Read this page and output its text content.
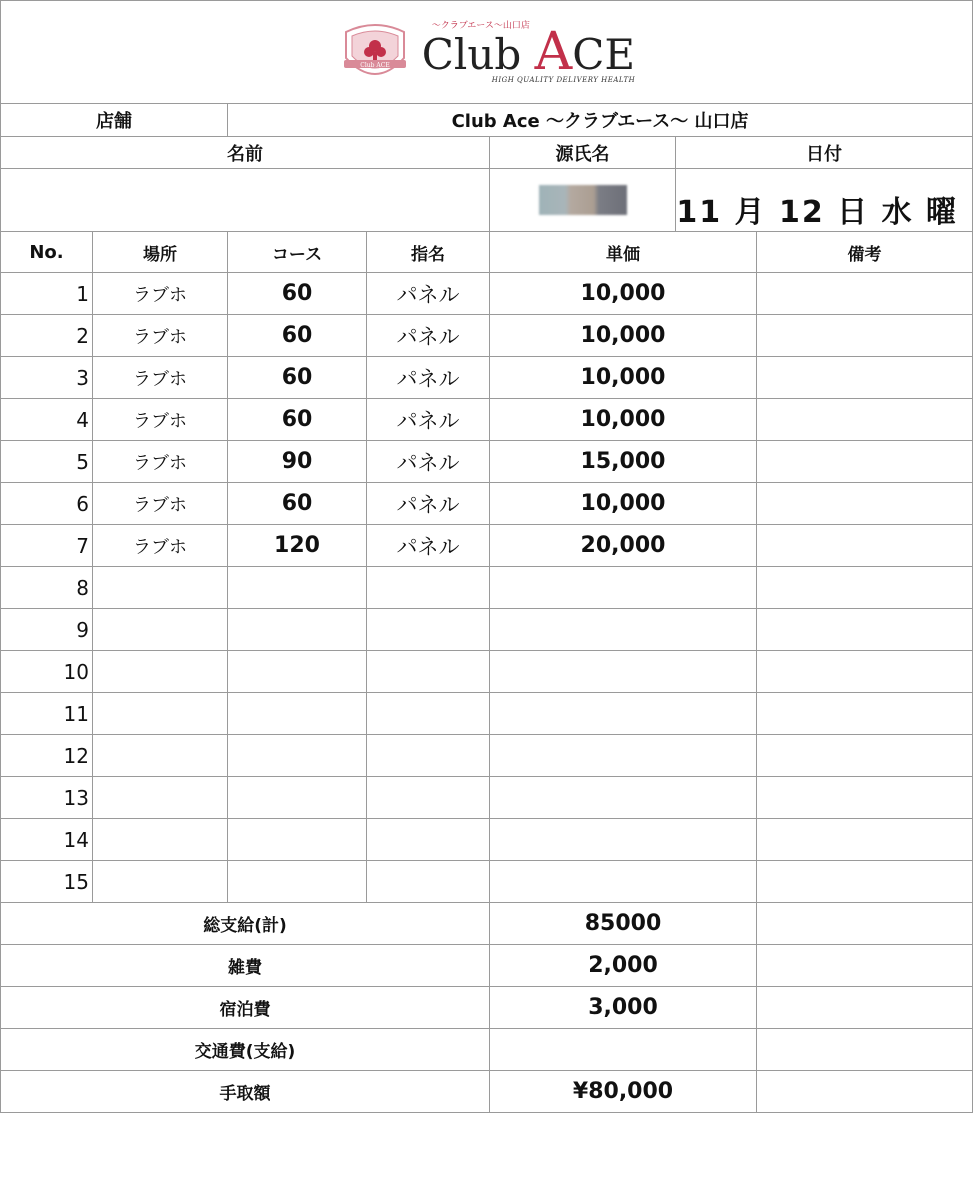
Club ACE
〜クラブエース〜山口店
Club ACE
HIGH QUALITY DELIVERY HEALTH						

店舗		Club Ace 〜クラブエース〜 山口店				
名前				源氏名	日付	
					11 月 12 日 水 曜	
No.	場所	コース	指名	単価		備考
1	ラブホ	60	パネル	10,000		
2	ラブホ	60	パネル	10,000		
3	ラブホ	60	パネル	10,000		
4	ラブホ	60	パネル	10,000		
5	ラブホ	90	パネル	15,000		
6	ラブホ	60	パネル	10,000		
7	ラブホ	120	パネル	20,000		
8						
9						
10						
11						
12						
13						
14						
15						
総支給(計)				85000		
雑費				2,000		
宿泊費				3,000		
交通費(支給)						
手取額				¥80,000		
